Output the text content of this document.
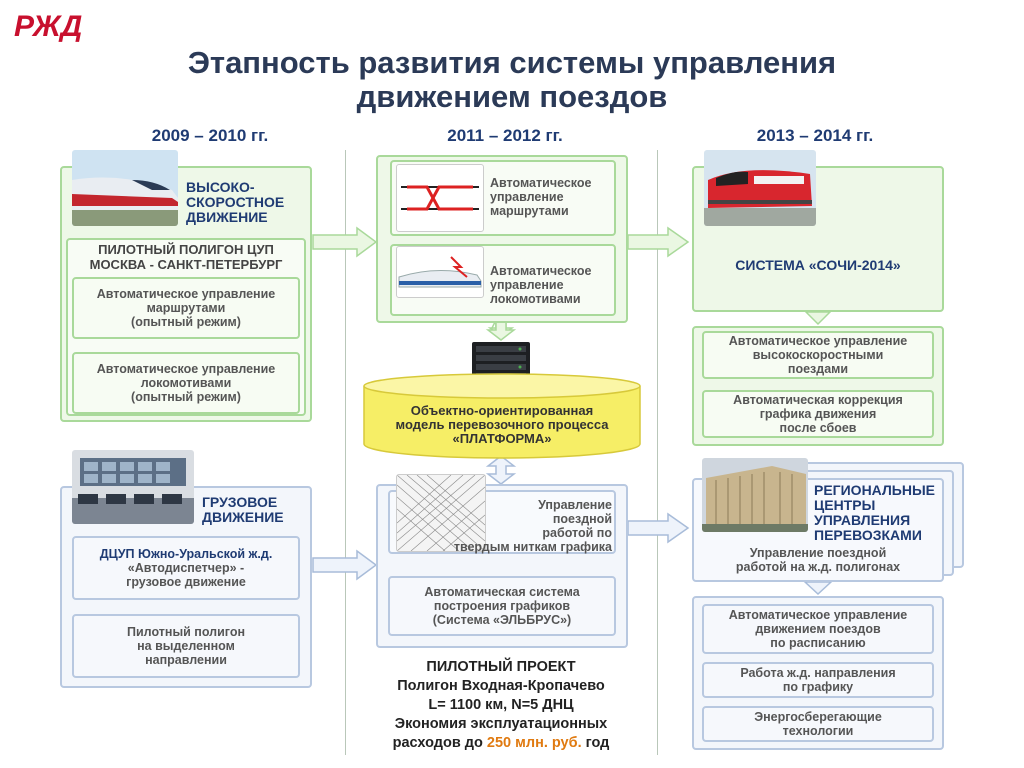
РЖД
Этапность развития системы управления
движением поездов
2009 – 2010 гг.	2011 – 2012 гг.	2013 – 2014 гг.
ВЫСОКО-
СКОРОСТНОЕ
ДВИЖЕНИЕ
ПИЛОТНЫЙ ПОЛИГОН ЦУП
МОСКВА - САНКТ-ПЕТЕРБУРГ
Автоматическое управление
маршрутами
(опытный режим)
Автоматическое управление
локомотивами
(опытный режим)
ГРУЗОВОЕ
ДВИЖЕНИЕ
ДЦУП Южно-Уральской ж.д.
«Автодиспетчер» -
грузовое движение
Пилотный полигон
на выделенном
направлении
Автоматическое
управление
маршрутами
Автоматическое
управление
локомотивами
Объектно-ориентированная
модель перевозочного процесса
«ПЛАТФОРМА»
Управление
поездной
работой по
твердым ниткам графика
Автоматическая система
построения графиков
(Система «ЭЛЬБРУС»)
ПИЛОТНЫЙ ПРОЕКТ
Полигон Входная-Кропачево
L= 1100 км, N=5 ДНЦ
Экономия эксплуатационных
расходов до 250 млн. руб. год
СИСТЕМА «СОЧИ-2014»
Автоматическое управление
высокоскоростными
поездами
Автоматическая коррекция
графика движения
после сбоев
РЕГИОНАЛЬНЫЕ
ЦЕНТРЫ
УПРАВЛЕНИЯ
ПЕРЕВОЗКАМИ
Управление поездной
работой на ж.д. полигонах
Автоматическое управление
движением поездов
по расписанию
Работа ж.д. направления
по графику
Энергосберегающие
технологии
